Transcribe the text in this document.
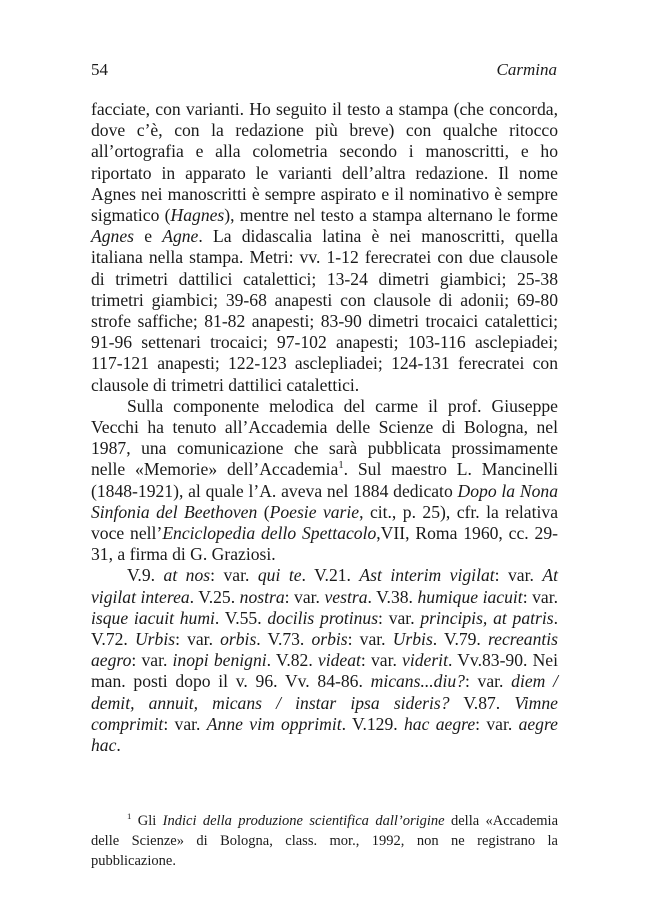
54	Carmina

facciate, con varianti. Ho seguito il testo a stampa (che concorda, dove c’è, con la redazione più breve) con qualche ritocco all’ortografia e alla colometria secondo i manoscritti, e ho riportato in apparato le varianti dell’altra redazione. Il nome Agnes nei manoscritti è sempre aspirato e il nominativo è sempre sigmatico (Hagnes), mentre nel testo a stampa alternano le forme Agnes e Agne. La didascalia latina è nei manoscritti, quella italiana nella stampa. Metri: vv. 1-12 ferecratei con due clausole di trimetri dattilici catalettici; 13-24 dimetri giambici; 25-38 trimetri giambici; 39-68 anapesti con clausole di adonii; 69-80 strofe saffiche; 81-82 anapesti; 83-90 dimetri trocaici catalettici; 91-96 settenari trocaici; 97-102 anapesti; 103-116 asclepiadei; 117-121 anapesti; 122-123 asclepliadei; 124-131 ferecratei con clausole di trimetri dattilici catalettici.

Sulla componente melodica del carme il prof. Giuseppe Vecchi ha tenuto all’Accademia delle Scienze di Bologna, nel 1987, una comunicazione che sarà pubblicata prossimamente nelle «Memorie» dell’Accademia$^1$. Sul maestro L. Mancinelli (1848-1921), al quale l’A. aveva nel 1884 dedicato Dopo la Nona Sinfonia del Beethoven (Poesie varie, cit., p. 25), cfr. la relativa voce nell’Enciclopedia dello Spettacolo,VII, Roma 1960, cc. 29-31, a firma di G. Graziosi.

V.9. at nos: var. qui te. V.21. Ast interim vigilat: var. At vigilat interea. V.25. nostra: var. vestra. V.38. humique iacuit: var. isque iacuit humi. V.55. docilis protinus: var. principis, at patris. V.72. Urbis: var. orbis. V.73. orbis: var. Urbis. V.79. recreantis aegro: var. inopi benigni. V.82. videat: var. viderit. Vv.83-90. Nei man. posti dopo il v. 96. Vv. 84-86. micans...diu?: var. diem / demit, annuit, micans / instar ipsa sideris? V.87. Vimne comprimit: var. Anne vim opprimit. V.129. hac aegre: var. aegre hac.

$^1$ Gli Indici della produzione scientifica dall’origine della «Accademia delle Scienze» di Bologna, class. mor., 1992, non ne registrano la pubblicazione.
